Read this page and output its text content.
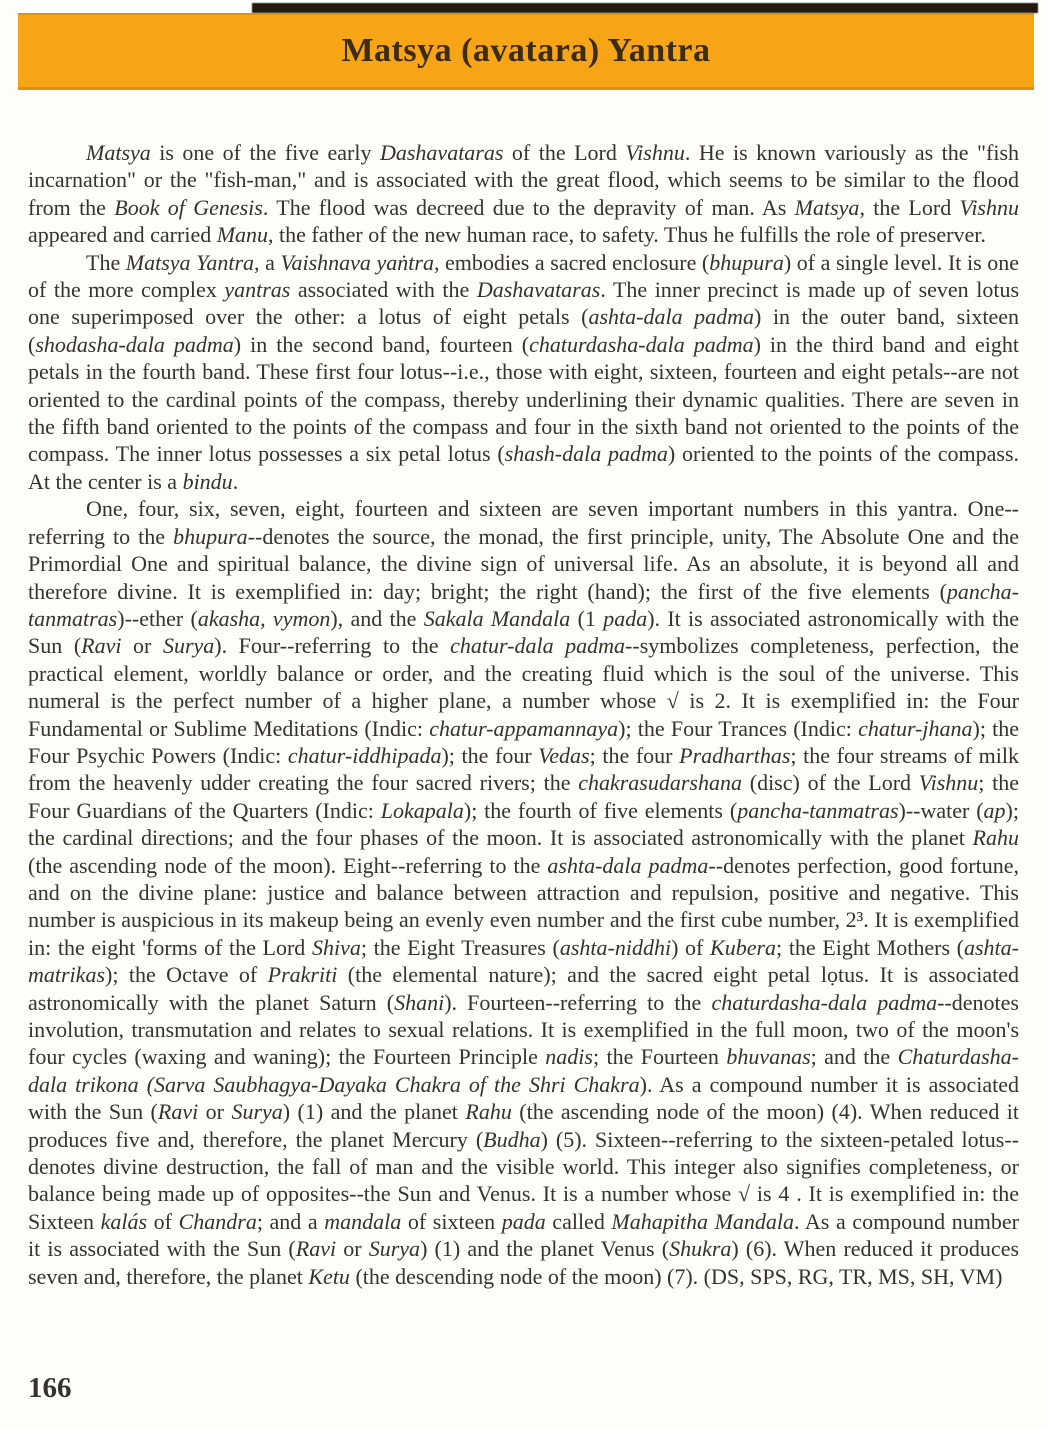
Matsya (avatara) Yantra

Matsya is one of the five early Dashavataras of the Lord Vishnu. He is known variously as the "fish incarnation" or the "fish-man," and is associated with the great flood, which seems to be similar to the flood from the Book of Genesis. The flood was decreed due to the depravity of man. As Matsya, the Lord Vishnu appeared and carried Manu, the father of the new human race, to safety. Thus he fulfills the role of preserver.

The Matsya Yantra, a Vaishnava yaṅtra, embodies a sacred enclosure (bhupura) of a single level. It is one of the more complex yantras associated with the Dashavataras. The inner precinct is made up of seven lotus one superimposed over the other: a lotus of eight petals (ashta-dala padma) in the outer band, sixteen (shodasha-dala padma) in the second band, fourteen (chaturdasha-dala padma) in the third band and eight petals in the fourth band. These first four lotus--i.e., those with eight, sixteen, fourteen and eight petals--are not oriented to the cardinal points of the compass, thereby underlining their dynamic qualities. There are seven in the fifth band oriented to the points of the compass and four in the sixth band not oriented to the points of the compass. The inner lotus possesses a six petal lotus (shash-dala padma) oriented to the points of the compass. At the center is a bindu.

One, four, six, seven, eight, fourteen and sixteen are seven important numbers in this yantra. One--referring to the bhupura--denotes the source, the monad, the first principle, unity, The Absolute One and the Primordial One and spiritual balance, the divine sign of universal life. As an absolute, it is beyond all and therefore divine. It is exemplified in: day; bright; the right (hand); the first of the five elements (pancha-tanmatras)--ether (akasha, vymon), and the Sakala Mandala (1 pada). It is associated astronomically with the Sun (Ravi or Surya). Four--referring to the chatur-dala padma--symbolizes completeness, perfection, the practical element, worldly balance or order, and the creating fluid which is the soul of the universe. This numeral is the perfect number of a higher plane, a number whose √ is 2. It is exemplified in: the Four Fundamental or Sublime Meditations (Indic: chatur-appamannaya); the Four Trances (Indic: chatur-jhana); the Four Psychic Powers (Indic: chatur-iddhipada); the four Vedas; the four Pradharthas; the four streams of milk from the heavenly udder creating the four sacred rivers; the chakrasudarshana (disc) of the Lord Vishnu; the Four Guardians of the Quarters (Indic: Lokapala); the fourth of five elements (pancha-tanmatras)--water (ap); the cardinal directions; and the four phases of the moon. It is associated astronomically with the planet Rahu (the ascending node of the moon). Eight--referring to the ashta-dala padma--denotes perfection, good fortune, and on the divine plane: justice and balance between attraction and repulsion, positive and negative. This number is auspicious in its makeup being an evenly even number and the first cube number, 2³. It is exemplified in: the eight 'forms of the Lord Shiva; the Eight Treasures (ashta-niddhi) of Kubera; the Eight Mothers (ashta-matrikas); the Octave of Prakriti (the elemental nature); and the sacred eight petal lọtus. It is associated astronomically with the planet Saturn (Shani). Fourteen--referring to the chaturdasha-dala padma--denotes involution, transmutation and relates to sexual relations. It is exemplified in the full moon, two of the moon's four cycles (waxing and waning); the Fourteen Principle nadis; the Fourteen bhuvanas; and the Chaturdasha-dala trikona (Sarva Saubhagya-Dayaka Chakra of the Shri Chakra). As a compound number it is associated with the Sun (Ravi or Surya) (1) and the planet Rahu (the ascending node of the moon) (4). When reduced it produces five and, therefore, the planet Mercury (Budha) (5). Sixteen--referring to the sixteen-petaled lotus--denotes divine destruction, the fall of man and the visible world. This integer also signifies completeness, or balance being made up of opposites--the Sun and Venus. It is a number whose √ is 4 . It is exemplified in: the Sixteen kalás of Chandra; and a mandala of sixteen pada called Mahapitha Mandala. As a compound number it is associated with the Sun (Ravi or Surya) (1) and the planet Venus (Shukra) (6). When reduced it produces seven and, therefore, the planet Ketu (the descending node of the moon) (7). (DS, SPS, RG, TR, MS, SH, VM)

166
